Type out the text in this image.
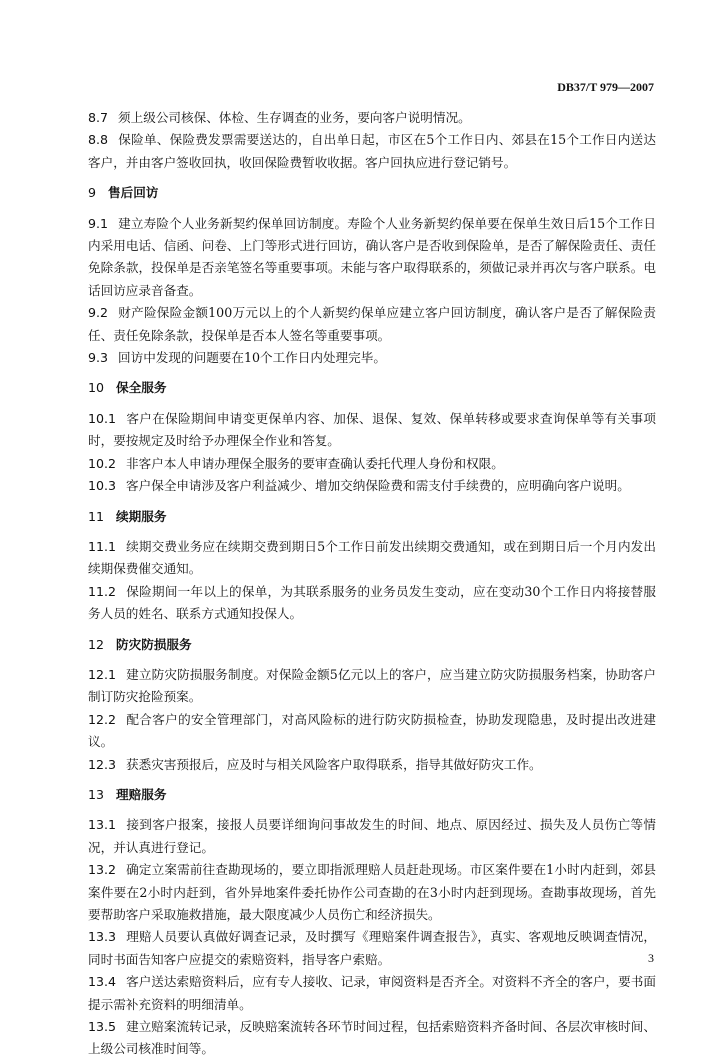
DB37/T 979—2007
8.7 须上级公司核保、体检、生存调查的业务，要向客户说明情况。
8.8 保险单、保险费发票需要送达的，自出单日起，市区在5个工作日内、郊县在15个工作日内送达客户，并由客户签收回执，收回保险费暂收收据。客户回执应进行登记销号。
9 售后回访
9.1 建立寿险个人业务新契约保单回访制度。寿险个人业务新契约保单要在保单生效日后15个工作日内采用电话、信函、问卷、上门等形式进行回访，确认客户是否收到保险单，是否了解保险责任、责任免除条款，投保单是否亲笔签名等重要事项。未能与客户取得联系的，须做记录并再次与客户联系。电话回访应录音备查。
9.2 财产险保险金额100万元以上的个人新契约保单应建立客户回访制度，确认客户是否了解保险责任、责任免除条款，投保单是否本人签名等重要事项。
9.3 回访中发现的问题要在10个工作日内处理完毕。
10 保全服务
10.1 客户在保险期间申请变更保单内容、加保、退保、复效、保单转移或要求查询保单等有关事项时，要按规定及时给予办理保全作业和答复。
10.2 非客户本人申请办理保全服务的要审查确认委托代理人身份和权限。
10.3 客户保全申请涉及客户利益减少、增加交纳保险费和需支付手续费的，应明确向客户说明。
11 续期服务
11.1 续期交费业务应在续期交费到期日5个工作日前发出续期交费通知，或在到期日后一个月内发出续期保费催交通知。
11.2 保险期间一年以上的保单，为其联系服务的业务员发生变动，应在变动30个工作日内将接替服务人员的姓名、联系方式通知投保人。
12 防灾防损服务
12.1 建立防灾防损服务制度。对保险金额5亿元以上的客户，应当建立防灾防损服务档案，协助客户制订防灾抢险预案。
12.2 配合客户的安全管理部门，对高风险标的进行防灾防损检查，协助发现隐患，及时提出改进建议。
12.3 获悉灾害预报后，应及时与相关风险客户取得联系，指导其做好防灾工作。
13 理赔服务
13.1 接到客户报案，接报人员要详细询问事故发生的时间、地点、原因经过、损失及人员伤亡等情况，并认真进行登记。
13.2 确定立案需前往查勘现场的，要立即指派理赔人员赶赴现场。市区案件要在1小时内赶到，郊县案件要在2小时内赶到，省外异地案件委托协作公司查勘的在3小时内赶到现场。查勘事故现场，首先要帮助客户采取施救措施，最大限度减少人员伤亡和经济损失。
13.3 理赔人员要认真做好调查记录，及时撰写《理赔案件调查报告》，真实、客观地反映调查情况，同时书面告知客户应提交的索赔资料，指导客户索赔。
13.4 客户送达索赔资料后，应有专人接收、记录，审阅资料是否齐全。对资料不齐全的客户，要书面提示需补充资料的明细清单。
13.5 建立赔案流转记录，反映赔案流转各环节时间过程，包括索赔资料齐备时间、各层次审核时间、上级公司核准时间等。
3
